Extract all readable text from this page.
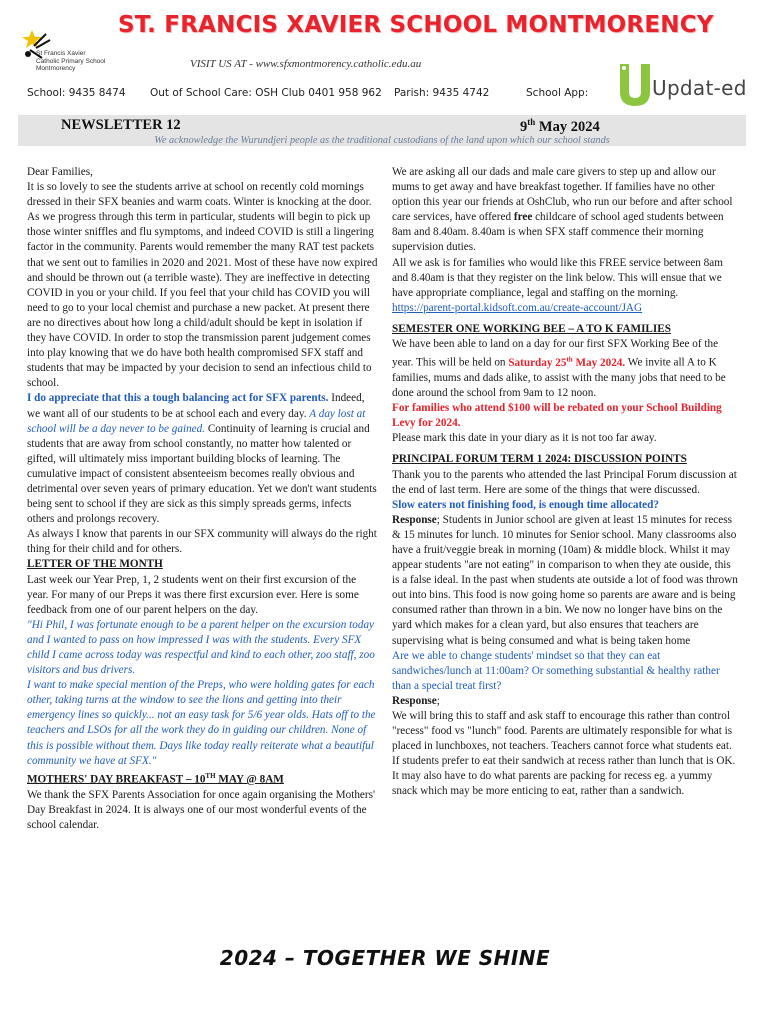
ST. FRANCIS XAVIER SCHOOL MONTMORENCY
St Francis Xavier
Catholic Primary School
Montmorency	VISIT US AT - www.sfxmontmorency.catholic.edu.au
School: 9435 8474 Out of School Care: OSH Club 0401 958 962 Parish: 9435 4742	School App:	Updat-ed
NEWSLETTER 12	9th May 2024
We acknowledge the Wurundjeri people as the traditional custodians of the land upon which our school stands

Dear Families,

It is so lovely to see the students arrive at school on recently cold mornings dressed in their SFX beanies and warm coats. Winter is knocking at the door. As we progress through this term in particular, students will begin to pick up those winter sniffles and flu symptoms, and indeed COVID is still a lingering factor in the community. Parents would remember the many RAT test packets that we sent out to families in 2020 and 2021. Most of these have now expired and should be thrown out (a terrible waste). They are ineffective in detecting COVID in you or your child. If you feel that your child has COVID you will need to go to your local chemist and purchase a new packet. At present there are no directives about how long a child/adult should be kept in isolation if they have COVID. In order to stop the transmission parent judgement comes into play knowing that we do have both health compromised SFX staff and students that may be impacted by your decision to send an infectious child to school.

I do appreciate that this a tough balancing act for SFX parents. Indeed, we want all of our students to be at school each and every day. A day lost at school will be a day never to be gained. Continuity of learning is crucial and students that are away from school constantly, no matter how talented or gifted, will ultimately miss important building blocks of learning. The cumulative impact of consistent absenteeism becomes really obvious and detrimental over seven years of primary education. Yet we don't want students being sent to school if they are sick as this simply spreads germs, infects others and prolongs recovery.

As always I know that parents in our SFX community will always do the right thing for their child and for others.

LETTER OF THE MONTH

Last week our Year Prep, 1, 2 students went on their first excursion of the year. For many of our Preps it was there first excursion ever. Here is some feedback from one of our parent helpers on the day.

"Hi Phil, I was fortunate enough to be a parent helper on the excursion today and I wanted to pass on how impressed I was with the students. Every SFX child I came across today was respectful and kind to each other, zoo staff, zoo visitors and bus drivers.

I want to make special mention of the Preps, who were holding gates for each other, taking turns at the window to see the lions and getting into their emergency lines so quickly... not an easy task for 5/6 year olds. Hats off to the teachers and LSOs for all the work they do in guiding our children. None of this is possible without them. Days like today really reiterate what a beautiful community we have at SFX."

MOTHERS' DAY BREAKFAST – 10TH MAY @ 8AM

We thank the SFX Parents Association for once again organising the Mothers' Day Breakfast in 2024. It is always one of our most wonderful events of the school calendar.

We are asking all our dads and male care givers to step up and allow our mums to get away and have breakfast together. If families have no other option this year our friends at OshClub, who run our before and after school care services, have offered free childcare of school aged students between 8am and 8.40am. 8.40am is when SFX staff commence their morning supervision duties.

All we ask is for families who would like this FREE service between 8am and 8.40am is that they register on the link below. This will ensue that we have appropriate compliance, legal and staffing on the morning.

https://parent-portal.kidsoft.com.au/create-account/JAG

SEMESTER ONE WORKING BEE – A TO K FAMILIES

We have been able to land on a day for our first SFX Working Bee of the year. This will be held on Saturday 25th May 2024. We invite all A to K families, mums and dads alike, to assist with the many jobs that need to be done around the school from 9am to 12 noon.

For families who attend $100 will be rebated on your School Building Levy for 2024.

Please mark this date in your diary as it is not too far away.

PRINCIPAL FORUM TERM 1 2024: DISCUSSION POINTS

Thank you to the parents who attended the last Principal Forum discussion at the end of last term. Here are some of the things that were discussed.

Slow eaters not finishing food, is enough time allocated?

Response; Students in Junior school are given at least 15 minutes for recess & 15 minutes for lunch. 10 minutes for Senior school. Many classrooms also have a fruit/veggie break in morning (10am) & middle block. Whilst it may appear students "are not eating" in comparison to when they ate ouside, this is a false ideal. In the past when students ate outside a lot of food was thrown out into bins. This food is now going home so parents are aware and is being consumed rather than thrown in a bin. We now no longer have bins on the yard which makes for a clean yard, but also ensures that teachers are supervising what is being consumed and what is being taken home

Are we able to change students' mindset so that they can eat sandwiches/lunch at 11:00am? Or something substantial & healthy rather than a special treat first?

Response;

We will bring this to staff and ask staff to encourage this rather than control "recess" food vs "lunch" food. Parents are ultimately responsible for what is placed in lunchboxes, not teachers. Teachers cannot force what students eat. If students prefer to eat their sandwich at recess rather than lunch that is OK. It may also have to do what parents are packing for recess eg. a yummy snack which may be more enticing to eat, rather than a sandwich.

2024 – TOGETHER WE SHINE
